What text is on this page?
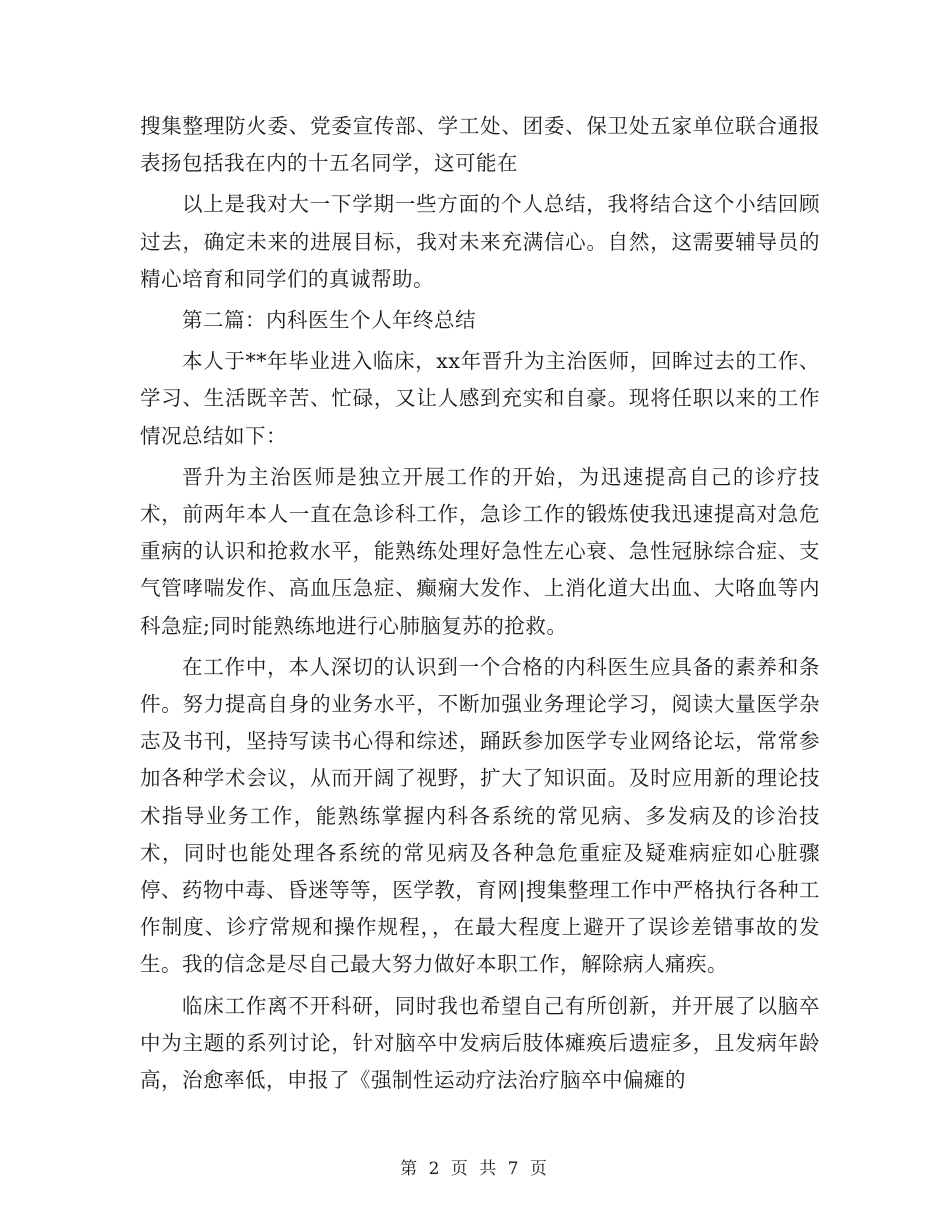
搜集整理防火委、党委宣传部、学工处、团委、保卫处五家单位联合通报表扬包括我在内的十五名同学，这可能在

以上是我对大一下学期一些方面的个人总结，我将结合这个小结回顾过去，确定未来的进展目标，我对未来充满信心。自然，这需要辅导员的精心培育和同学们的真诚帮助。

第二篇：内科医生个人年终总结

本人于**年毕业进入临床，xx年晋升为主治医师，回眸过去的工作、学习、生活既辛苦、忙碌，又让人感到充实和自豪。现将任职以来的工作情况总结如下：

晋升为主治医师是独立开展工作的开始，为迅速提高自己的诊疗技术，前两年本人一直在急诊科工作，急诊工作的锻炼使我迅速提高对急危重病的认识和抢救水平，能熟练处理好急性左心衰、急性冠脉综合症、支气管哮喘发作、高血压急症、癫痫大发作、上消化道大出血、大咯血等内科急症;同时能熟练地进行心肺脑复苏的抢救。

在工作中，本人深切的认识到一个合格的内科医生应具备的素养和条件。努力提高自身的业务水平，不断加强业务理论学习，阅读大量医学杂志及书刊，坚持写读书心得和综述，踊跃参加医学专业网络论坛，常常参加各种学术会议，从而开阔了视野，扩大了知识面。及时应用新的理论技术指导业务工作，能熟练掌握内科各系统的常见病、多发病及的诊治技术，同时也能处理各系统的常见病及各种急危重症及疑难病症如心脏骤停、药物中毒、昏迷等等，医学教，育网|搜集整理工作中严格执行各种工作制度、诊疗常规和操作规程，，在最大程度上避开了误诊差错事故的发生。我的信念是尽自己最大努力做好本职工作，解除病人痛疾。

临床工作离不开科研，同时我也希望自己有所创新，并开展了以脑卒中为主题的系列讨论，针对脑卒中发病后肢体瘫痪后遗症多，且发病年龄高，治愈率低，申报了《强制性运动疗法治疗脑卒中偏瘫的

第 2 页 共 7 页
